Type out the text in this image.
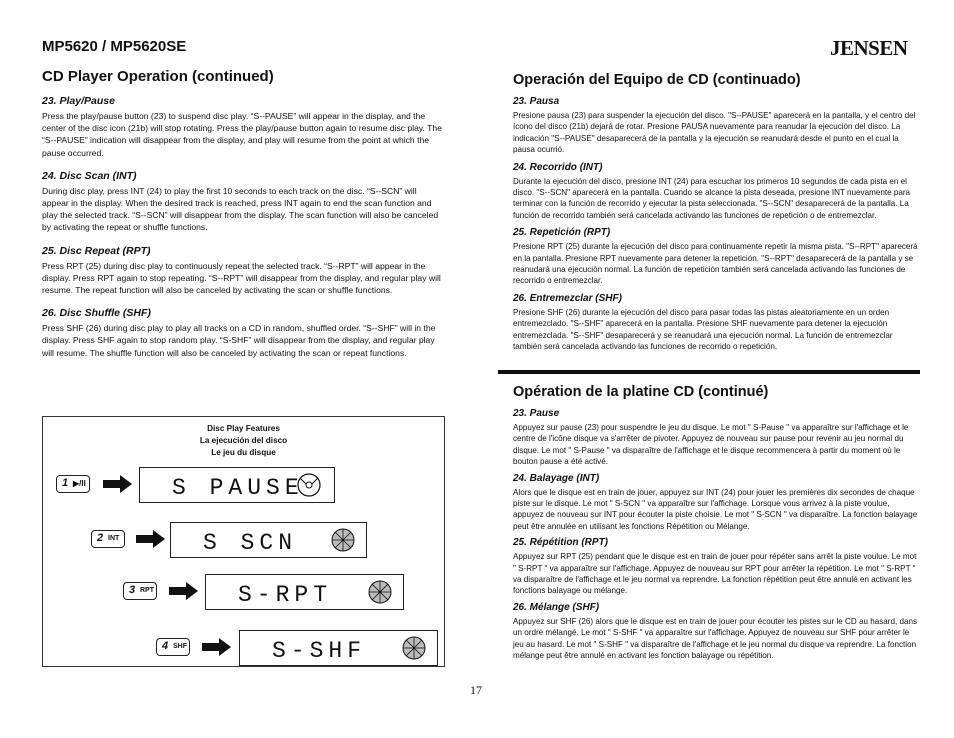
MP5620 / MP5620SE	JENSEN
CD Player Operation (continued)

23. Play/Pause

Press the play/pause button (23) to suspend disc play. “S--PAUSE” will appear in the display, and the center of the disc icon (21b) will stop rotating. Press the play/pause button again to resume disc play. The “S--PAUSE” indication will disappear from the display, and play will resume from the point at which the pause occurred.

24. Disc Scan (INT)

During disc play, press INT (24) to play the first 10 seconds to each track on the disc. “S--SCN” will appear in the display. When the desired track is reached, press INT again to end the scan function and play the selected track. “S--SCN” will disappear from the display. The scan function will also be canceled by activating the repeat or shuffle functions.

25. Disc Repeat (RPT)

Press RPT (25) during disc play to continuously repeat the selected track. “S--RPT” will appear in the display. Press RPT again to stop repeating. “S--RPT” will disappear from the display, and regular play will resume. The repeat function will also be canceled by activating the scan or shuffle functions.

26. Disc Shuffle (SHF)

Press SHF (26) during disc play to play all tracks on a CD in random, shuffled order. “S--SHF” will in the display. Press SHF again to stop random play. “S-SHF” will disappear from the display, and regular play will resume. The shuffle function will also be canceled by activating the scan or repeat functions.

Disc Play Features
La ejecución del disco
Le jeu du disque
1 ▶/II	S PAUSE
2 INT	S SCN
3 RPT	S-RPT
4 SHF	S-SHF
Operación del Equipo de CD (continuado)

23. Pausa

Presione pausa (23) para suspender la ejecución del disco. "S--PAUSE" aparecerá en la pantalla, y el centro del ícono del disco (21b) dejará de rotar. Presione PAUSA nuevamente para reanudar la ejecución del disco. La indicación "S--PAUSE" desaparecerá de la pantalla y la ejecución se reanudará desde el punto en el cual la pausa ocurrió.

24. Recorrido (INT)

Durante la ejecución del disco, presione INT (24) para escuchar los primeros 10 segundos de cada pista en el disco. "S--SCN" aparecerá en la pantalla. Cuando se alcance la pista deseada, presione INT nuevamente para terminar con la función de recorrido y ejecutar la pista seleccionada. "S--SCN" desaparecerá de la pantalla. La función de recorrido también será cancelada activando las funciones de repetición o de entremezclar.

25. Repetición (RPT)

Presione RPT (25) durante la ejecución del disco para continuamente repetir la misma pista. "S--RPT" aparecerá en la pantalla. Presione RPT nuevamente para detener la repetición. "S--RPT" desaparecerá de la pantalla y se reanudará una ejecución normal. La función de repetición también será cancelada activando las funciones de recorrido o entremezclar.

26. Entremezclar (SHF)

Presione SHF (26) durante la ejecución del disco para pasar todas las pistas aleatoriamente en un orden entremezclado. "S--SHF" aparecerá en la pantalla. Presione SHF nuevamente para detener la ejecución entremezclada. "S--SHF" desaparecerá y se reanudará una ejecución normal. La función de entremezclar también será cancelada activando las funciones de recorrido o repetición.

Opération de la platine CD (continué)

23. Pause

Appuyez sur pause (23) pour suspendre le jeu du disque. Le mot " S-Pause " va apparaître sur l'affichage et le centre de l'icône disque va s'arrêter de pivoter. Appuyez de nouveau sur pause pour revenir au jeu normal du disque. Le mot " S-Pause " va disparaître de l'affichage et le disque recommencera à partir du moment où le bouton pause a été activé.

24. Balayage (INT)

Alors que le disque est en train de jouer, appuyez sur INT (24) pour jouer les premières dix secondes de chaque piste sur le disque. Le mot " S-SCN " va apparaître sur l'affichage. Lorsque vous arrivez à la piste voulue, appuyez de nouveau sur INT pour écouter la piste choisie. Le mot " S-SCN " va disparaître. La fonction balayage peut être annulée en utilisant les fonctions Répétition ou Mélange.

25. Répétition (RPT)

Appuyez sur RPT (25) pendant que le disque est en train de jouer pour répéter sans arrêt la piste voulue. Le mot " S-RPT " va apparaître sur l'affichage. Appuyez de nouveau sur RPT pour arrêter la répétition. Le mot " S-RPT " va disparaître de l'affichage et le jeu normal va reprendre. La fonction répétition peut être annulé en activant les fonctions balayage ou mélange.

26. Mélange (SHF)

Appuyez sur SHF (26) alors que le disque est en train de jouer pour écouter les pistes sur le CD au hasard, dans un ordre mélangé. Le mot " S-SHF " va apparaître sur l'affichage. Appuyez de nouveau sur SHF pour arrêter le jeu au hasard. Le mot " S-SHF " va disparaître de l'affichage et le jeu normal du disque va reprendre. La fonction mélange peut être annulé en activant les fonction balayage ou répétition.

17
